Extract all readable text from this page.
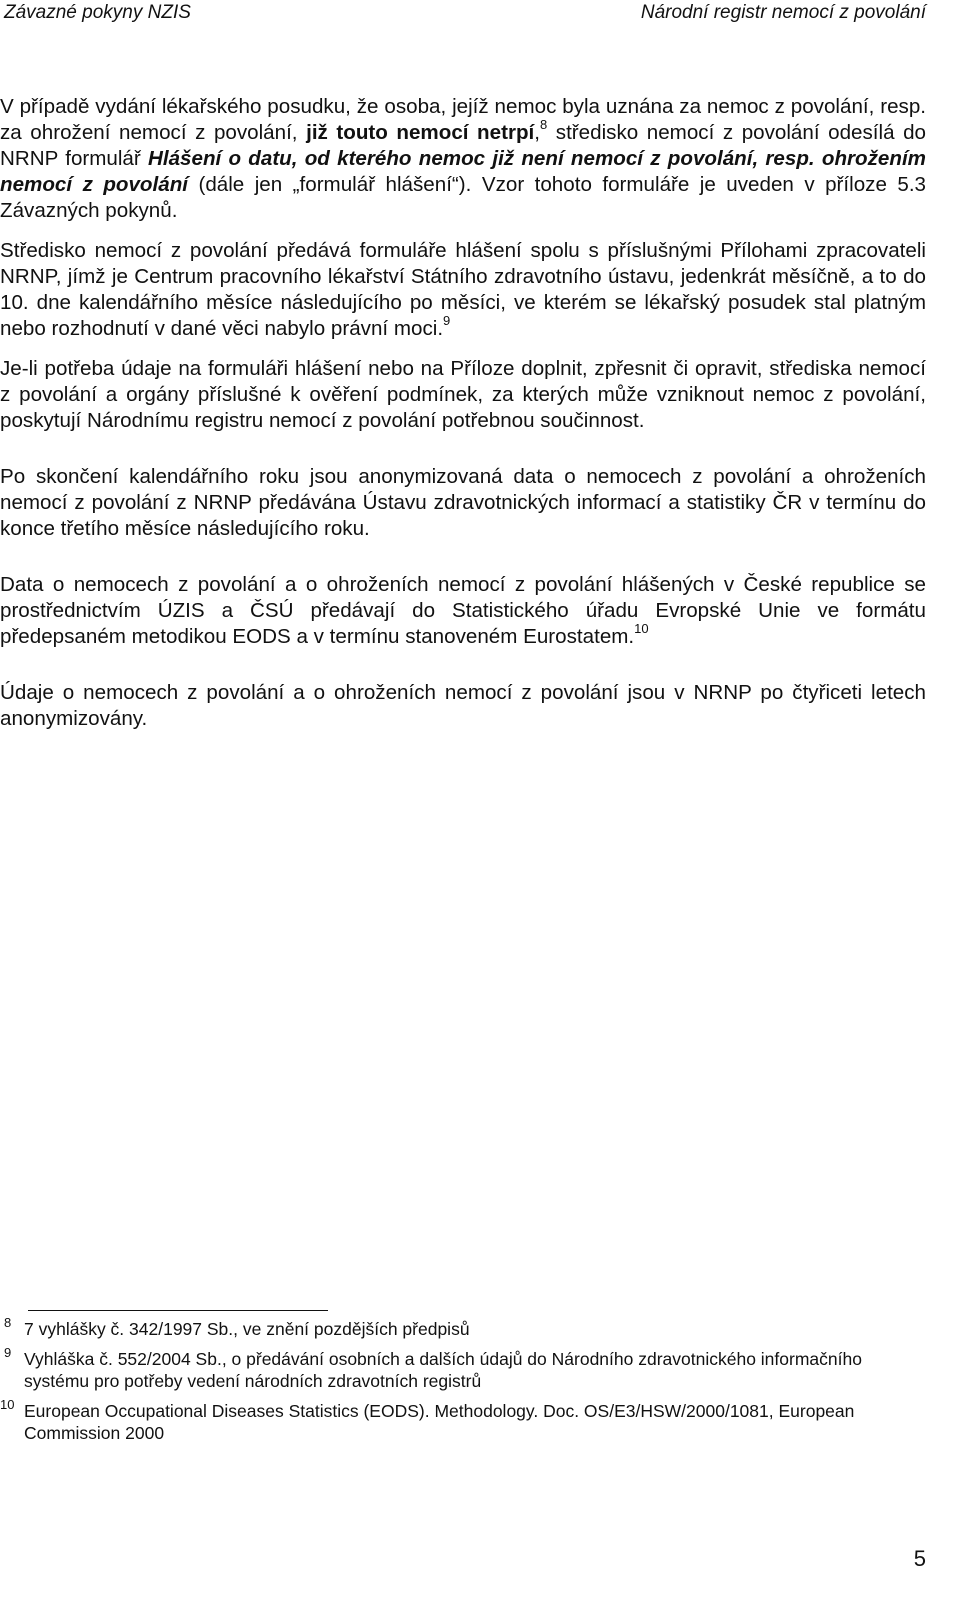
Závazné pokyny NZIS	Národní registr nemocí z povolání

V případě vydání lékařského posudku, že osoba, jejíž nemoc byla uznána za nemoc z povolání, resp. za ohrožení nemocí z povolání, již touto nemocí netrpí,$^8$ středisko nemocí z povolání odesílá do NRNP formulář Hlášení o datu, od kterého nemoc již není nemocí z povolání, resp. ohrožením nemocí z povolání (dále jen „formulář hlášení“). Vzor tohoto formuláře je uveden v příloze 5.3 Závazných pokynů.

Středisko nemocí z povolání předává formuláře hlášení spolu s příslušnými Přílohami zpracovateli NRNP, jímž je Centrum pracovního lékařství Státního zdravotního ústavu, jedenkrát měsíčně, a to do 10. dne kalendářního měsíce následujícího po měsíci, ve kterém se lékařský posudek stal platným nebo rozhodnutí v dané věci nabylo právní moci.$^9$

Je-li potřeba údaje na formuláři hlášení nebo na Příloze doplnit, zpřesnit či opravit, střediska nemocí z povolání a orgány příslušné k ověření podmínek, za kterých může vzniknout nemoc z povolání, poskytují Národnímu registru nemocí z povolání potřebnou součinnost.

Po skončení kalendářního roku jsou anonymizovaná data o nemocech z povolání a ohroženích nemocí z povolání z NRNP předávána Ústavu zdravotnických informací a statistiky ČR v termínu do konce třetího měsíce následujícího roku.

Data o nemocech z povolání a o ohroženích nemocí z povolání hlášených v České republice se prostřednictvím ÚZIS a ČSÚ předávají do Statistického úřadu Evropské Unie ve formátu předepsaném metodikou EODS a v termínu stanoveném Eurostatem.$^{10}$

Údaje o nemocech z povolání a o ohroženích nemocí z povolání jsou v NRNP po čtyřiceti letech anonymizovány.

8 7 vyhlášky č. 342/1997 Sb., ve znění pozdějších předpisů
9 Vyhláška č. 552/2004 Sb., o předávání osobních a dalších údajů do Národního zdravotnického informačního systému pro potřeby vedení národních zdravotních registrů
10 European Occupational Diseases Statistics (EODS). Methodology. Doc. OS/E3/HSW/2000/1081, European Commission 2000
5
